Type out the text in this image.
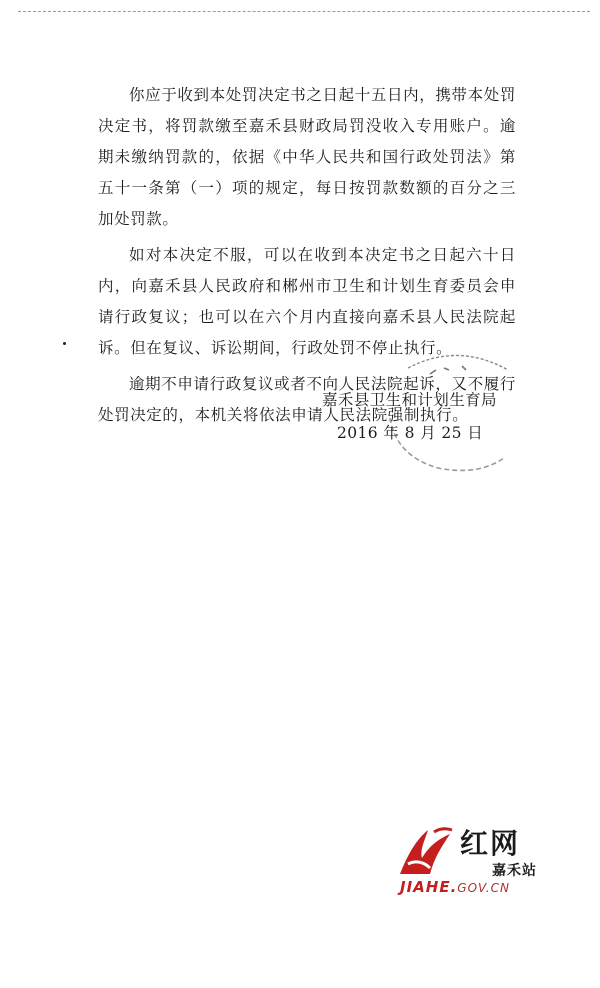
你应于收到本处罚决定书之日起十五日内，携带本处罚决定书，将罚款缴至嘉禾县财政局罚没收入专用账户。逾期未缴纳罚款的，依据《中华人民共和国行政处罚法》第五十一条第（一）项的规定，每日按罚款数额的百分之三加处罚款。

如对本决定不服，可以在收到本决定书之日起六十日内，向嘉禾县人民政府和郴州市卫生和计划生育委员会申请行政复议；也可以在六个月内直接向嘉禾县人民法院起诉。但在复议、诉讼期间，行政处罚不停止执行。

逾期不申请行政复议或者不向人民法院起诉，又不履行处罚决定的，本机关将依法申请人民法院强制执行。

嘉禾县卫生和计划生育局
2016 年 8 月 25 日
红网
嘉禾站
JIAHE.GOV.CN
